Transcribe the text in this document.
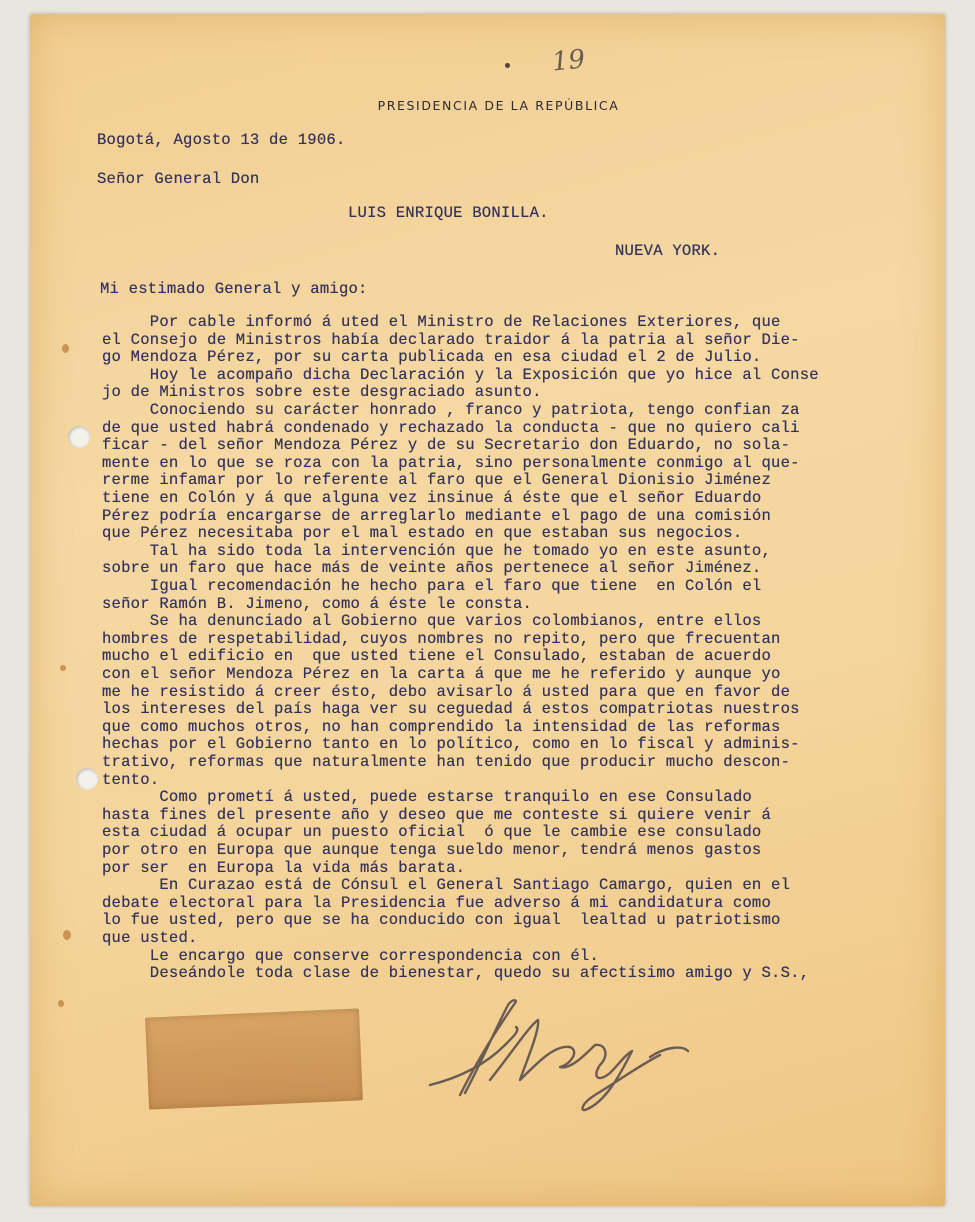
19
PRESIDENCIA DE LA REPÚBLICA
Bogotá, Agosto 13 de 1906.
Señor General Don
LUIS ENRIQUE BONILLA.
NUEVA YORK.
Mi estimado General y amigo:
Por cable informó á uted el Ministro de Relaciones Exteriores, que
el Consejo de Ministros había declarado traidor á la patria al señor Die-
go Mendoza Pérez, por su carta publicada en esa ciudad el 2 de Julio.
Hoy le acompaño dicha Declaración y la Exposición que yo hice al Conse
jo de Ministros sobre este desgraciado asunto.
Conociendo su carácter honrado , franco y patriota, tengo confian za
de que usted habrá condenado y rechazado la conducta - que no quiero cali
ficar - del señor Mendoza Pérez y de su Secretario don Eduardo, no sola-
mente en lo que se roza con la patria, sino personalmente conmigo al que-
rerme infamar por lo referente al faro que el General Dionisio Jiménez
tiene en Colón y á que alguna vez insinue á éste que el señor Eduardo
Pérez podría encargarse de arreglarlo mediante el pago de una comisión
que Pérez necesitaba por el mal estado en que estaban sus negocios.
Tal ha sido toda la intervención que he tomado yo en este asunto,
sobre un faro que hace más de veinte años pertenece al señor Jiménez.
Igual recomendación he hecho para el faro que tiene  en Colón el
señor Ramón B. Jimeno, como á éste le consta.
Se ha denunciado al Gobierno que varios colombianos, entre ellos
hombres de respetabilidad, cuyos nombres no repito, pero que frecuentan
mucho el edificio en  que usted tiene el Consulado, estaban de acuerdo
con el señor Mendoza Pérez en la carta á que me he referido y aunque yo
me he resistido á creer ésto, debo avisarlo á usted para que en favor de
los intereses del país haga ver su ceguedad á estos compatriotas nuestros
que como muchos otros, no han comprendido la intensidad de las reformas
hechas por el Gobierno tanto en lo político, como en lo fiscal y adminis-
trativo, reformas que naturalmente han tenido que producir mucho descon-
tento.
Como prometí á usted, puede estarse tranquilo en ese Consulado
hasta fines del presente año y deseo que me conteste si quiere venir á
esta ciudad á ocupar un puesto oficial  ó que le cambie ese consulado
por otro en Europa que aunque tenga sueldo menor, tendrá menos gastos
por ser  en Europa la vida más barata.
En Curazao está de Cónsul el General Santiago Camargo, quien en el
debate electoral para la Presidencia fue adverso á mi candidatura como
lo fue usted, pero que se ha conducido con igual  lealtad u patriotismo
que usted.
Le encargo que conserve correspondencia con él.
Deseándole toda clase de bienestar, quedo su afectísimo amigo y S.S.,
